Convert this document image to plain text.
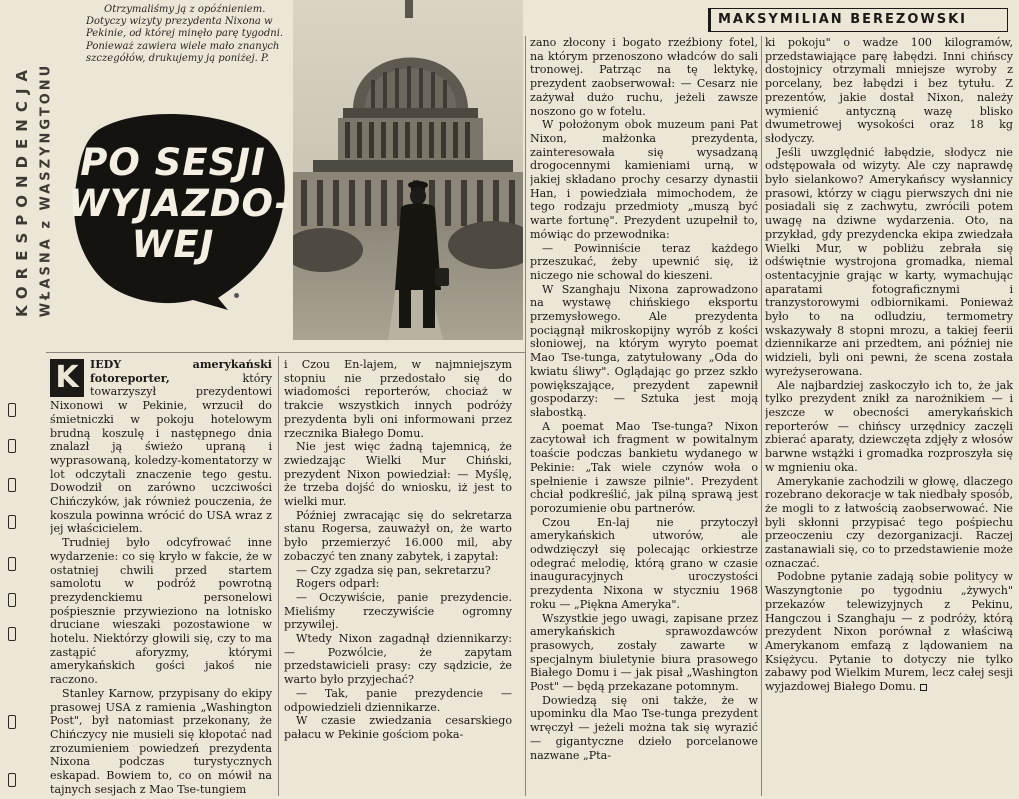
KORESPONDENCJA WŁASNA z WASZYNGTONU

Otrzymaliśmy ją z opóźnieniem. Dotyczy wizyty prezydenta Nixona w Pekinie, od której minęło parę tygodni. Ponieważ zawiera wiele mało znanych szczegółów, drukujemy ją poniżej. P.

PO SESJI
WYJAZDO-
WEJ
MAKSYMILIAN BEREZOWSKI

K	IEDY amerykański fotoreporter, który towarzyszył prezydentowi Nixonowi w Pekinie, wrzucił do śmietniczki w pokoju hotelowym brudną koszulę i następnego dnia znalazł ją świeżo upraną i wyprasowaną, koledzy-komentatorzy w lot odczytali znaczenie tego gestu. Dowodził on zarówno uczciwości Chińczyków, jak również pouczenia, że koszula powinna wrócić do USA wraz z jej właścicielem.

Trudniej było odcyfrować inne wydarzenie: co się kryło w fakcie, że w ostatniej chwili przed startem samolotu w podróż powrotną prezydenckiemu personelowi pośpiesznie przywieziono na lotnisko druciane wieszaki pozostawione w hotelu. Niektórzy głowili się, czy to ma zastąpić aforyzmy, którymi amerykańskich gości jakoś nie raczono.

Stanley Karnow, przypisany do ekipy prasowej USA z ramienia „Washington Post", był natomiast przekonany, że Chińczycy nie musieli się kłopotać nad zrozumieniem powiedzeń prezydenta Nixona podczas turystycznych eskapad. Bowiem to, co on mówił na tajnych sesjach z Mao Tse-tungiem

i Czou En-lajem, w najmniejszym stopniu nie przedostało się do wiadomości reporterów, chociaż w trakcie wszystkich innych podróży prezydenta byli oni informowani przez rzecznika Białego Domu.

Nie jest więc żadną tajemnicą, że zwiedzając Wielki Mur Chiński, prezydent Nixon powiedział: — Myślę, że trzeba dojść do wniosku, iż jest to wielki mur.

Później zwracając się do sekretarza stanu Rogersa, zauważył on, że warto było przemierzyć 16.000 mil, aby zobaczyć ten znany zabytek, i zapytał:

— Czy zgadza się pan, sekretarzu?

Rogers odparł:

— Oczywiście, panie prezydencie. Mieliśmy rzeczywiście ogromny przywilej.

Wtedy Nixon zagadnął dziennikarzy: — Pozwólcie, że zapytam przedstawicieli prasy: czy sądzicie, że warto było przyjechać?

— Tak, panie prezydencie — odpowiedzieli dziennikarze.

W czasie zwiedzania cesarskiego pałacu w Pekinie gościom poka-

zano złocony i bogato rzeźbiony fotel, na którym przenoszono władców do sali tronowej. Patrząc na tę lektykę, prezydent zaobserwował: — Cesarz nie zażywał dużo ruchu, jeżeli zawsze noszono go w fotelu.

W położonym obok muzeum pani Pat Nixon, małżonka prezydenta, zainteresowała się wysadzaną drogocennymi kamieniami urną, w jakiej składano prochy cesarzy dynastii Han, i powiedziała mimochodem, że tego rodzaju przedmioty „muszą być warte fortunę". Prezydent uzupełnił to, mówiąc do przewodnika:

— Powinniście teraz każdego przeszukać, żeby upewnić się, iż niczego nie schowal do kieszeni.

W Szanghaju Nixona zaprowadzono na wystawę chińskiego eksportu przemysłowego. Ale prezydenta pociągnął mikroskopijny wyrób z kości słoniowej, na którym wyryto poemat Mao Tse-tunga, zatytułowany „Oda do kwiatu śliwy". Oglądając go przez szkło powiększające, prezydent zapewnił gospodarzy: — Sztuka jest moją słabostką.

A poemat Mao Tse-tunga? Nixon zacytował ich fragment w powitalnym toaście podczas bankietu wydanego w Pekinie: „Tak wiele czynów woła o spełnienie i zawsze pilnie". Prezydent chciał podkreślić, jak pilną sprawą jest porozumienie obu partnerów.

Czou En-laj nie przytoczył amerykańskich utworów, ale odwdzięczył się polecając orkiestrze odegrać melodię, którą grano w czasie inauguracyjnych uroczystości prezydenta Nixona w styczniu 1968 roku — „Piękna Ameryka".

Wszystkie jego uwagi, zapisane przez amerykańskich sprawozdawców prasowych, zostały zawarte w specjalnym biuletynie biura prasowego Białego Domu i — jak pisał „Washington Post" — będą przekazane potomnym.

Dowiedzą się oni także, że w upominku dla Mao Tse-tunga prezydent wręczył — jeżeli można tak się wyrazić — gigantyczne dzieło porcelanowe nazwane „Pta-

ki pokoju" o wadze 100 kilogramów, przedstawiające parę łabędzi. Inni chińscy dostojnicy otrzymali mniejsze wyroby z porcelany, bez łabędzi i bez tytułu. Z prezentów, jakie dostał Nixon, należy wymienić antyczną wazę blisko dwumetrowej wysokości oraz 18 kg słodyczy.

Jeśli uwzględnić łabędzie, słodycz nie odstępowała od wizyty. Ale czy naprawdę było sielankowo? Amerykańscy wysłannicy prasowi, którzy w ciągu pierwszych dni nie posiadali się z zachwytu, zwrócili potem uwagę na dziwne wydarzenia. Oto, na przykład, gdy prezydencka ekipa zwiedzała Wielki Mur, w pobliżu zebrała się odświętnie wystrojona gromadka, niemal ostentacyjnie grając w karty, wymachując aparatami fotograficznymi i tranzystorowymi odbiornikami. Ponieważ było to na odludziu, termometry wskazywały 8 stopni mrozu, a takiej feerii dziennikarze ani przedtem, ani później nie widzieli, byli oni pewni, że scena została wyreżyserowana.

Ale najbardziej zaskoczyło ich to, że jak tylko prezydent znikł za narożnikiem — i jeszcze w obecności amerykańskich reporterów — chińscy urzędnicy zaczęli zbierać aparaty, dziewczęta zdjęły z włosów barwne wstążki i gromadka rozproszyła się w mgnieniu oka.

Amerykanie zachodzili w głowę, dlaczego rozebrano dekoracje w tak niedbały sposób, że mogli to z łatwością zaobserwować. Nie byli skłonni przypisać tego pośpiechu przeoczeniu czy dezorganizacji. Raczej zastanawiali się, co to przedstawienie może oznaczać.

Podobne pytanie zadają sobie politycy w Waszyngtonie po tygodniu „żywych" przekazów telewizyjnych z Pekinu, Hangczou i Szanghaju — z podróży, którą prezydent Nixon porównał z właściwą Amerykanom emfazą z lądowaniem na Księżycu. Pytanie to dotyczy nie tylko zabawy pod Wielkim Murem, lecz całej sesji wyjazdowej Białego Domu.
